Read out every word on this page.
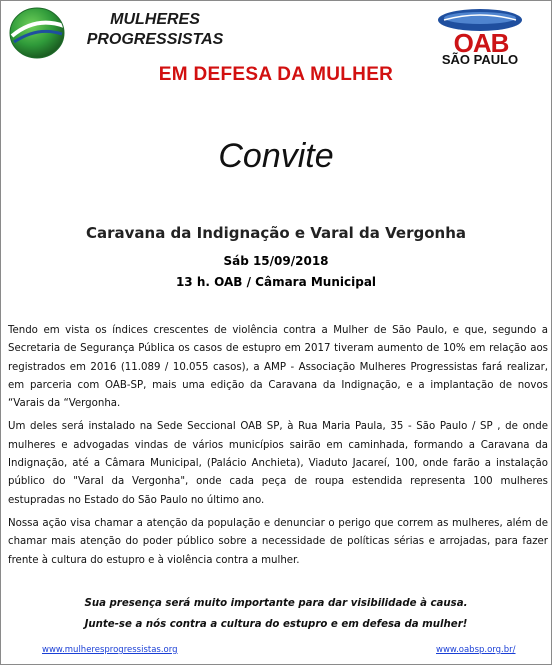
MULHERES
PROGRESSISTAS	OAB
SÃO PAULO
EM DEFESA DA MULHER
Convite
Caravana da Indignação e Varal da Vergonha
Sáb 15/09/2018
13 h. OAB / Câmara Municipal

Tendo em vista os índices crescentes de violência contra a Mulher de São Paulo, e que, segundo a Secretaria de Segurança Pública os casos de estupro em 2017 tiveram aumento de 10% em relação aos registrados em 2016 (11.089 / 10.055 casos), a AMP - Associação Mulheres Progressistas fará realizar, em parceria com OAB-SP, mais uma edição da Caravana da Indignação, e a implantação de novos “Varais da “Vergonha.

Um deles será instalado na Sede Seccional OAB SP, à Rua Maria Paula, 35 - São Paulo / SP , de onde mulheres e advogadas vindas de vários municípios sairão em caminhada, formando a Caravana da Indignação, até a Câmara Municipal, (Palácio Anchieta), Viaduto Jacareí, 100, onde farão a instalação público do "Varal da Vergonha", onde cada peça de roupa estendida representa 100 mulheres estupradas no Estado do São Paulo no último ano.

Nossa ação visa chamar a atenção da população e denunciar o perigo que correm as mulheres, além de chamar mais atenção do poder público sobre a necessidade de políticas sérias e arrojadas, para fazer frente à cultura do estupro e à violência contra a mulher.

Sua presença será muito importante para dar visibilidade à causa.
Junte-se a nós contra a cultura do estupro e em defesa da mulher!
www.mulheresprogressistas.org	www.oabsp.org.br/
